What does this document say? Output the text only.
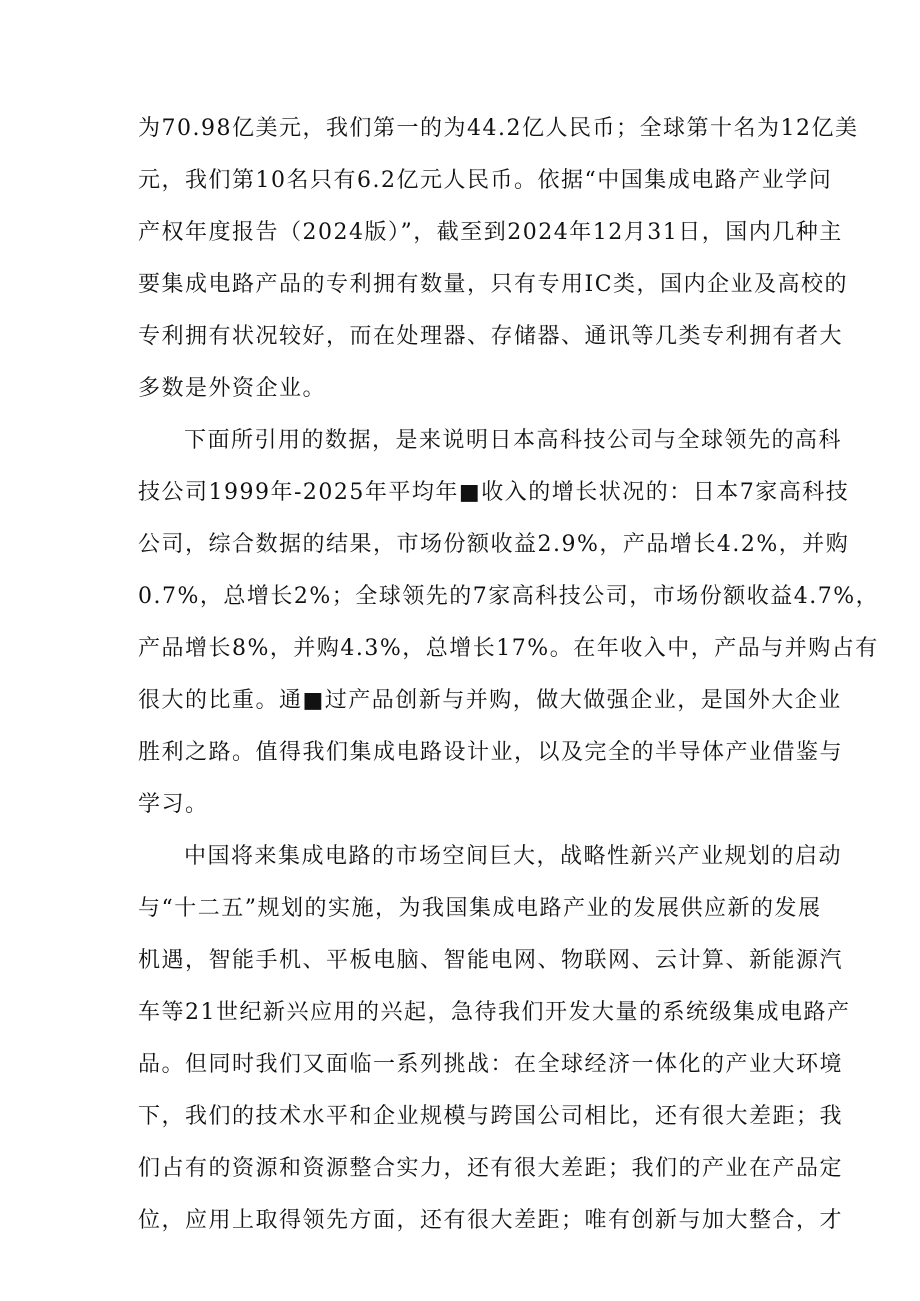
为70.98亿美元，我们第一的为44.2亿人民币；全球第十名为12亿美

元，我们第10名只有6.2亿元人民币。依据“中国集成电路产业学问

产权年度报告（2024版）”，截至到2024年12月31日，国内几种主

要集成电路产品的专利拥有数量，只有专用IC类，国内企业及高校的

专利拥有状况较好，而在处理器、存储器、通讯等几类专利拥有者大

多数是外资企业。

下面所引用的数据，是来说明日本高科技公司与全球领先的高科

技公司1999年-2025年平均年■收入的增长状况的：日本7家高科技

公司，综合数据的结果，市场份额收益2.9%，产品增长4.2%，并购

0.7%，总增长2%；全球领先的7家高科技公司，市场份额收益4.7%，

产品增长8%，并购4.3%，总增长17%。在年收入中，产品与并购占有

很大的比重。通■过产品创新与并购，做大做强企业，是国外大企业

胜利之路。值得我们集成电路设计业，以及完全的半导体产业借鉴与

学习。

中国将来集成电路的市场空间巨大，战略性新兴产业规划的启动

与“十二五”规划的实施，为我国集成电路产业的发展供应新的发展

机遇，智能手机、平板电脑、智能电网、物联网、云计算、新能源汽

车等21世纪新兴应用的兴起，急待我们开发大量的系统级集成电路产

品。但同时我们又面临一系列挑战：在全球经济一体化的产业大环境

下，我们的技术水平和企业规模与跨国公司相比，还有很大差距；我

们占有的资源和资源整合实力，还有很大差距；我们的产业在产品定

位，应用上取得领先方面，还有很大差距；唯有创新与加大整合，才
